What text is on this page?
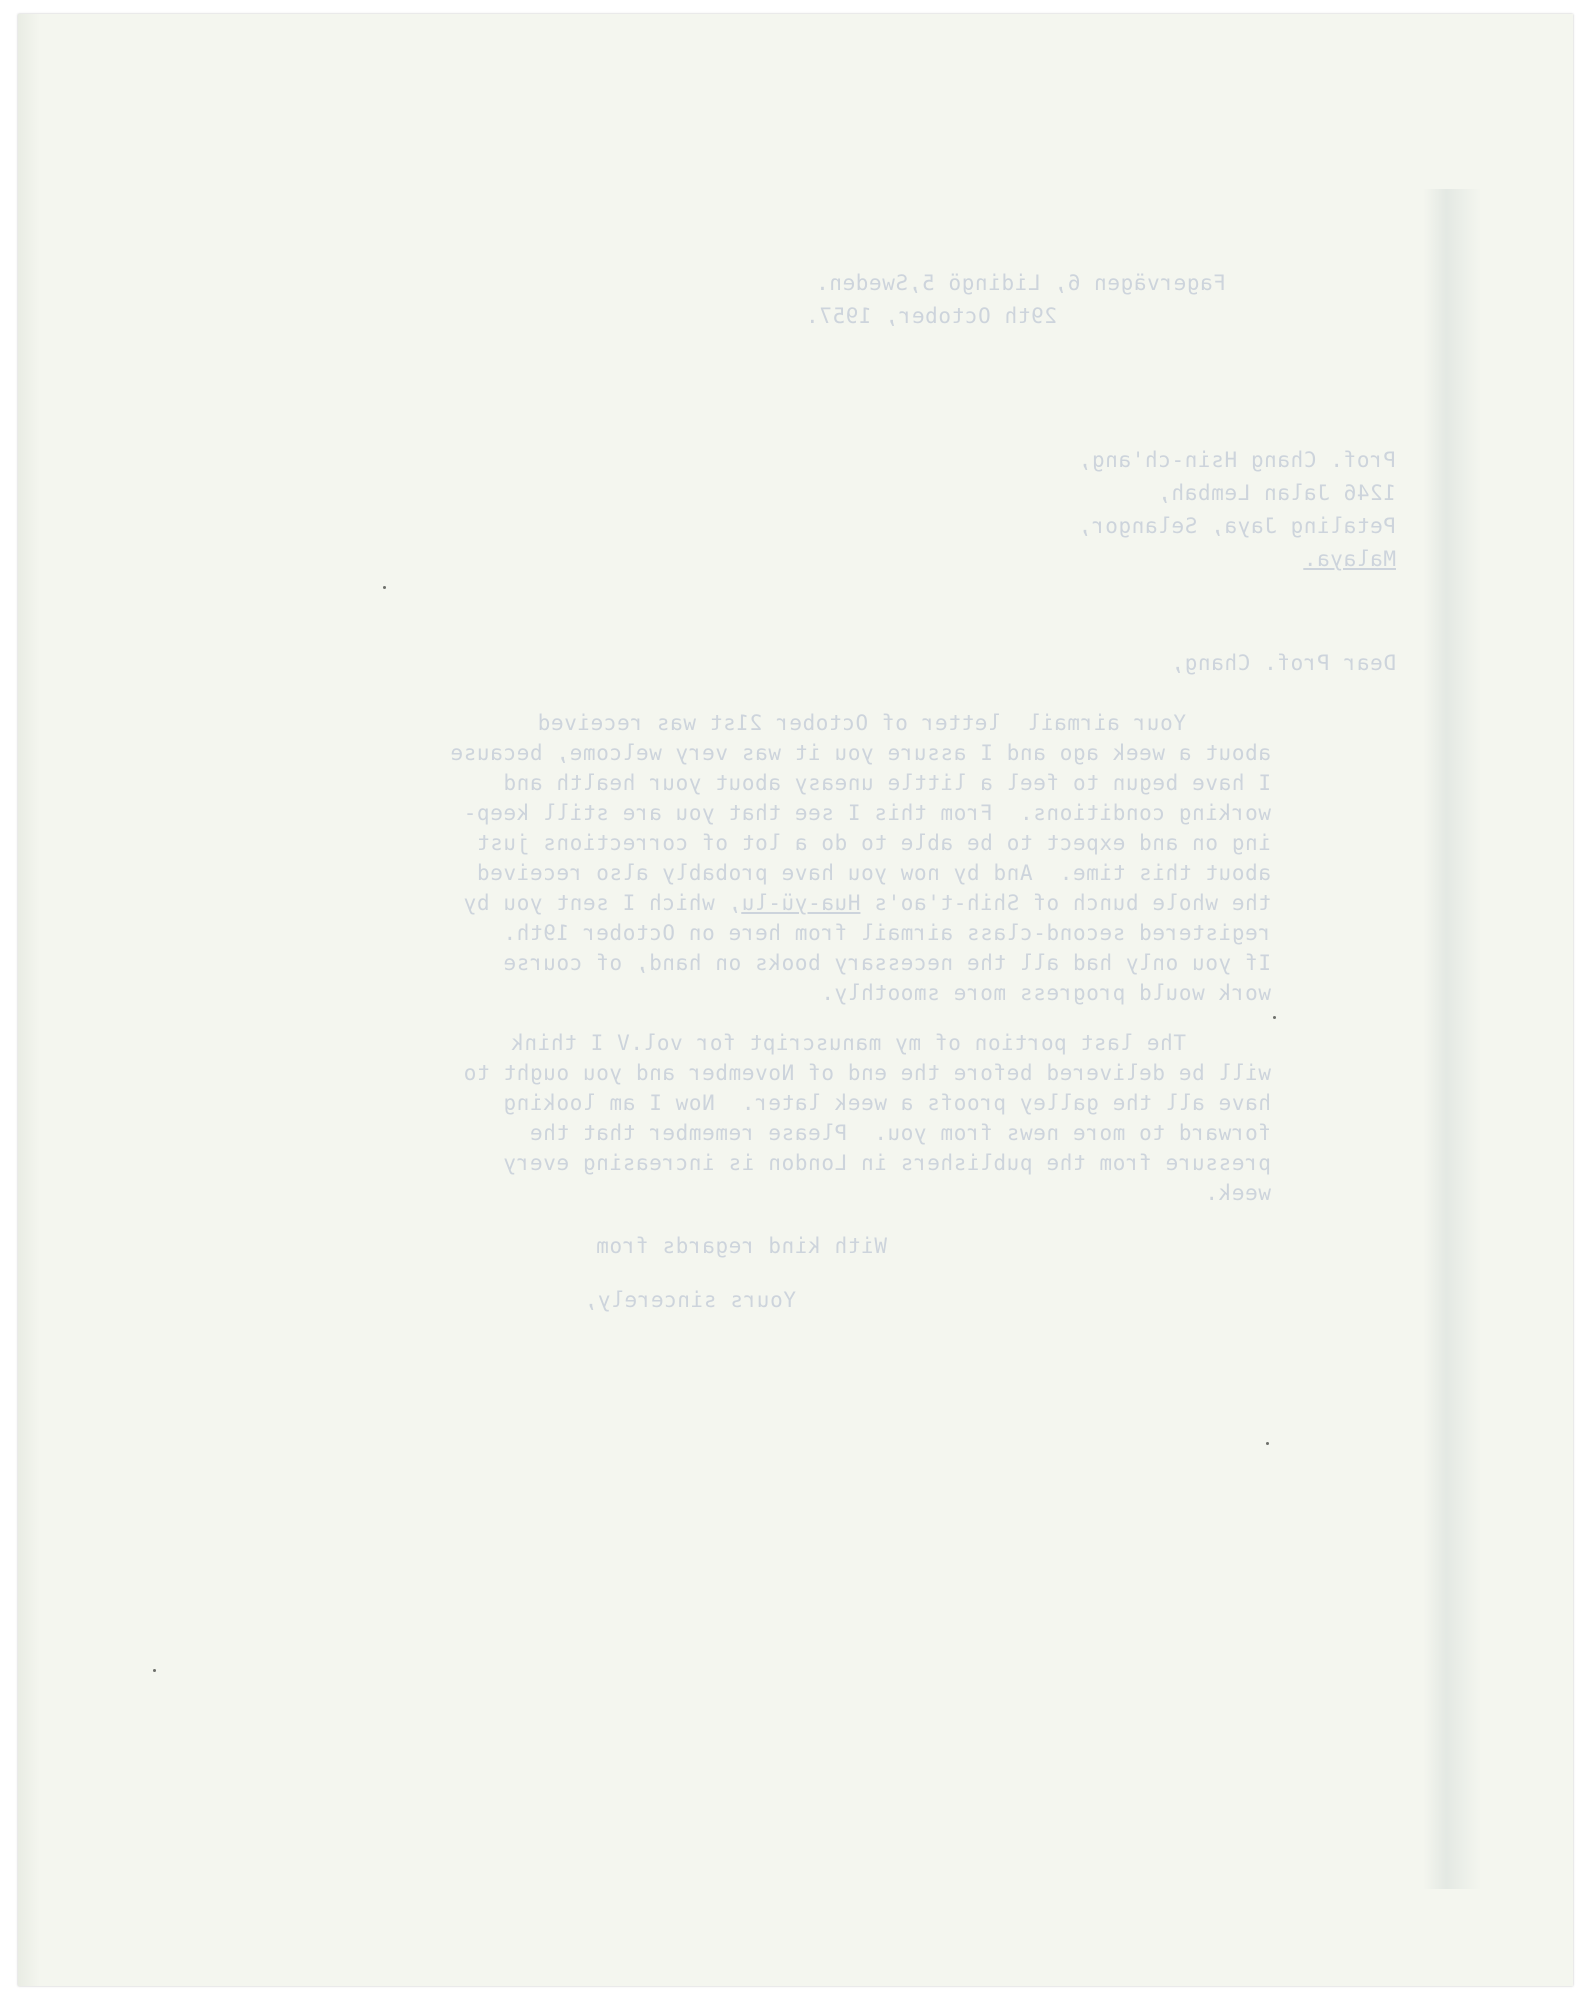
Fagervägen 6, Lidingö 5,Sweden.
29th October, 1957.
Prof. Chang Hsin-ch'ang,
1246 Jalan Lembah,
Petaling Jaya, Selangor,
Malaya.
Dear Prof. Chang,
Your airmail  letter of October 21st was received
about a week ago and I assure you it was very welcome, because
I have begun to feel a little uneasy about your health and
working conditions.  From this I see that you are still keep-
ing on and expect to be able to do a lot of corrections just
about this time.  And by now you have probably also received
the whole bunch of Shih-t'ao's Hua-yü-lu, which I sent you by
registered second-class airmail from here on October 19th.
If you only had all the necessary books on hand, of course
work would progress more smoothly.
The last portion of my manuscript for vol.V I think
will be delivered before the end of November and you ought to
have all the galley proofs a week later.  Now I am looking
forward to more news from you.  Please remember that the
pressure from the publishers in London is increasing every
week.
With kind regards from
Yours sincerely,
